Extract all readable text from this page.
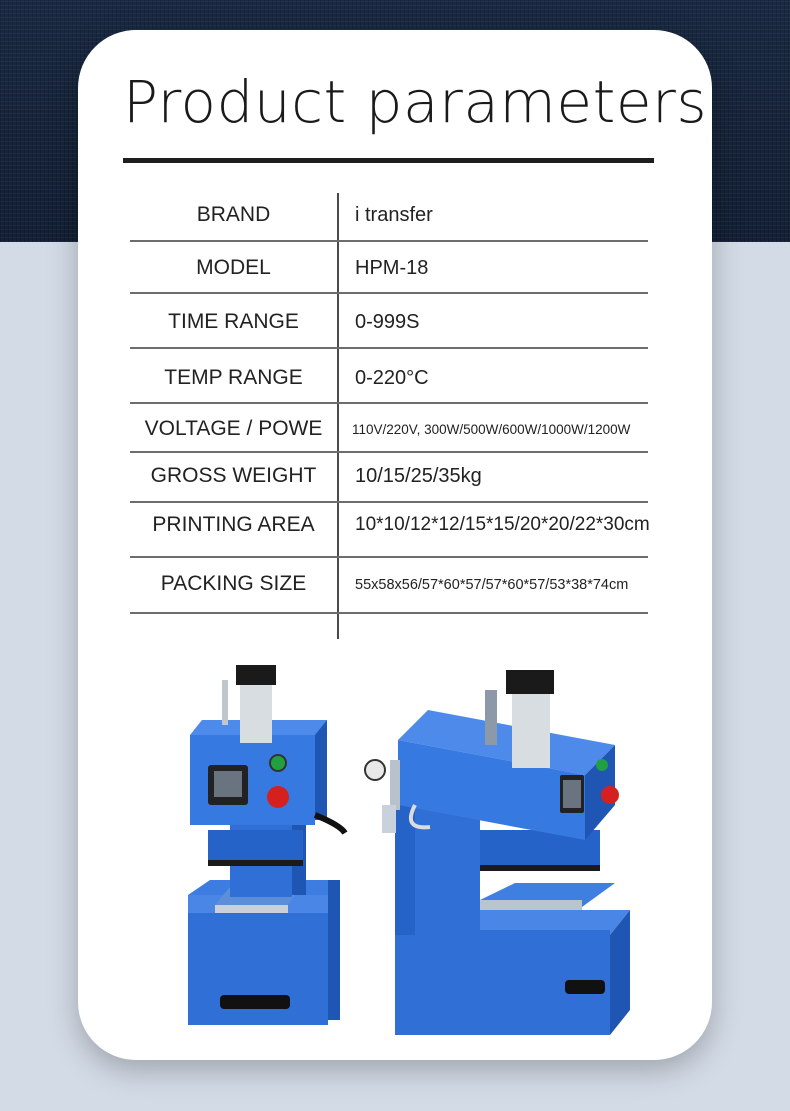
Product parameters
BRAND	i transfer
MODEL	HPM-18
TIME RANGE	0-999S
TEMP RANGE	0-220°C
VOLTAGE / POWE	110V/220V, 300W/500W/600W/1000W/1200W
GROSS WEIGHT	10/15/25/35kg
PRINTING AREA	10*10/12*12/15*15/20*20/22*30cm
PACKING SIZE	55x58x56/57*60*57/57*60*57/53*38*74cm
